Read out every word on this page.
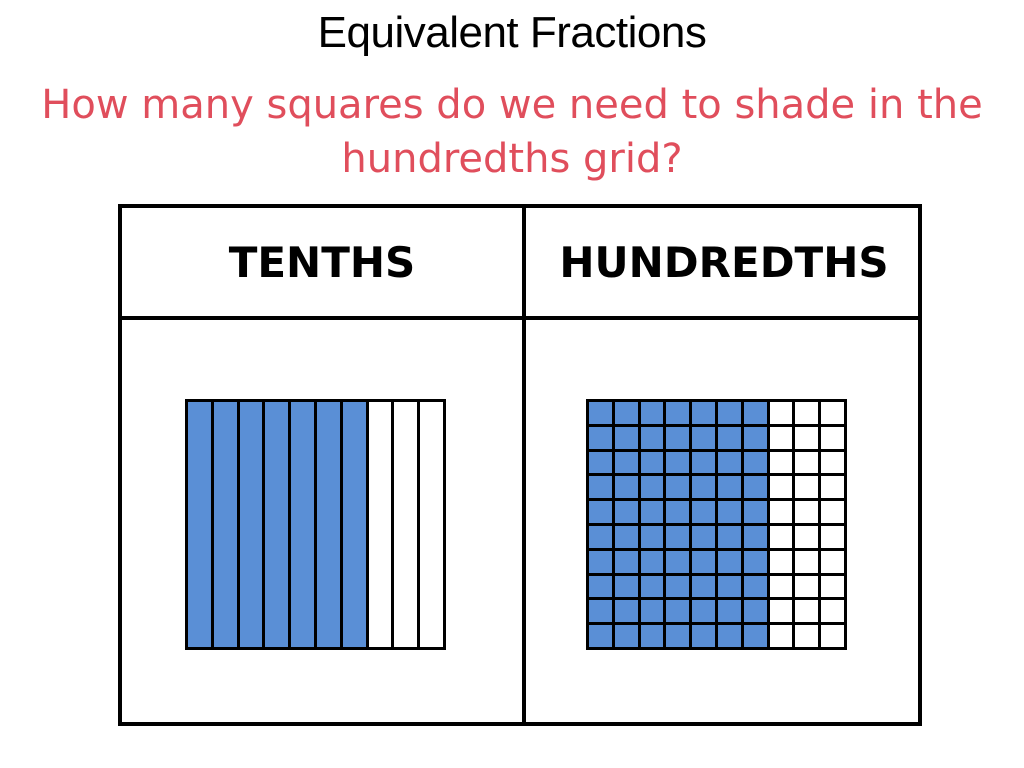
Equivalent Fractions
How many squares do we need to shade in the hundredths grid?
TENTHS	HUNDREDTHS
